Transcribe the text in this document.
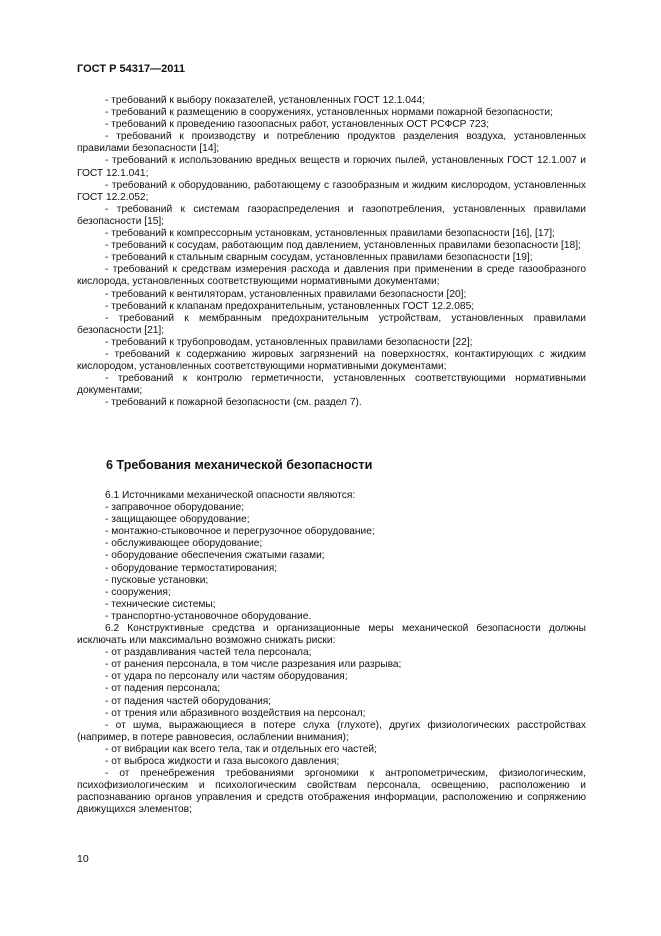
ГОСТ Р 54317—2011

- требований к выбору показателей, установленных ГОСТ 12.1.044;

- требований к размещению в сооружениях, установленных нормами пожарной безопасности;

- требований к проведению газоопасных работ, установленных ОСТ РСФСР 723;

- требований к производству и потреблению продуктов разделения воздуха, установленных правилами безопасности [14];

- требований к использованию вредных веществ и горючих пылей, установленных ГОСТ 12.1.007 и ГОСТ 12.1.041;

- требований к оборудованию, работающему с газообразным и жидким кислородом, установленных ГОСТ 12.2.052;

- требований к системам газораспределения и газопотребления, установленных правилами безопасности [15];

- требований к компрессорным установкам, установленных правилами безопасности [16], [17];

- требований к сосудам, работающим под давлением, установленных правилами безопасности [18];

- требований к стальным сварным сосудам, установленных правилами безопасности [19];

- требований к средствам измерения расхода и давления при применении в среде газообразного кислорода, установленных соответствующими нормативными документами;

- требований к вентиляторам, установленных правилами безопасности [20];

- требований к клапанам предохранительным, установленных ГОСТ 12.2.085;

- требований к мембранным предохранительным устройствам, установленных правилами безопасности [21];

- требований к трубопроводам, установленных правилами безопасности [22];

- требований к содержанию жировых загрязнений на поверхностях, контактирующих с жидким кислородом, установленных соответствующими нормативными документами;

- требований к контролю герметичности, установленных соответствующими нормативными документами;

- требований к пожарной безопасности (см. раздел 7).

6 Требования механической безопасности

6.1 Источниками механической опасности являются:

- заправочное оборудование;

- защищающее оборудование;

- монтажно-стыковочное и перегрузочное оборудование;

- обслуживающее оборудование;

- оборудование обеспечения сжатыми газами;

- оборудование термостатирования;

- пусковые установки;

- сооружения;

- технические системы;

- транспортно-установочное оборудование.

6.2 Конструктивные средства и организационные меры механической безопасности должны исключать или максимально возможно снижать риски:

- от раздавливания частей тела персонала;

- от ранения персонала, в том числе разрезания или разрыва;

- от удара по персоналу или частям оборудования;

- от падения персонала;

- от падения частей оборудования;

- от трения или абразивного воздействия на персонал;

- от шума, выражающиеся в потере слуха (глухоте), других физиологических расстройствах (например, в потере равновесия, ослаблении внимания);

- от вибрации как всего тела, так и отдельных его частей;

- от выброса жидкости и газа высокого давления;

- от пренебрежения требованиями эргономики к антропометрическим, физиологическим, психофизиологическим и психологическим свойствам персонала, освещению, расположению и распознаванию органов управления и средств отображения информации, расположению и сопряжению движущихся элементов;

10
